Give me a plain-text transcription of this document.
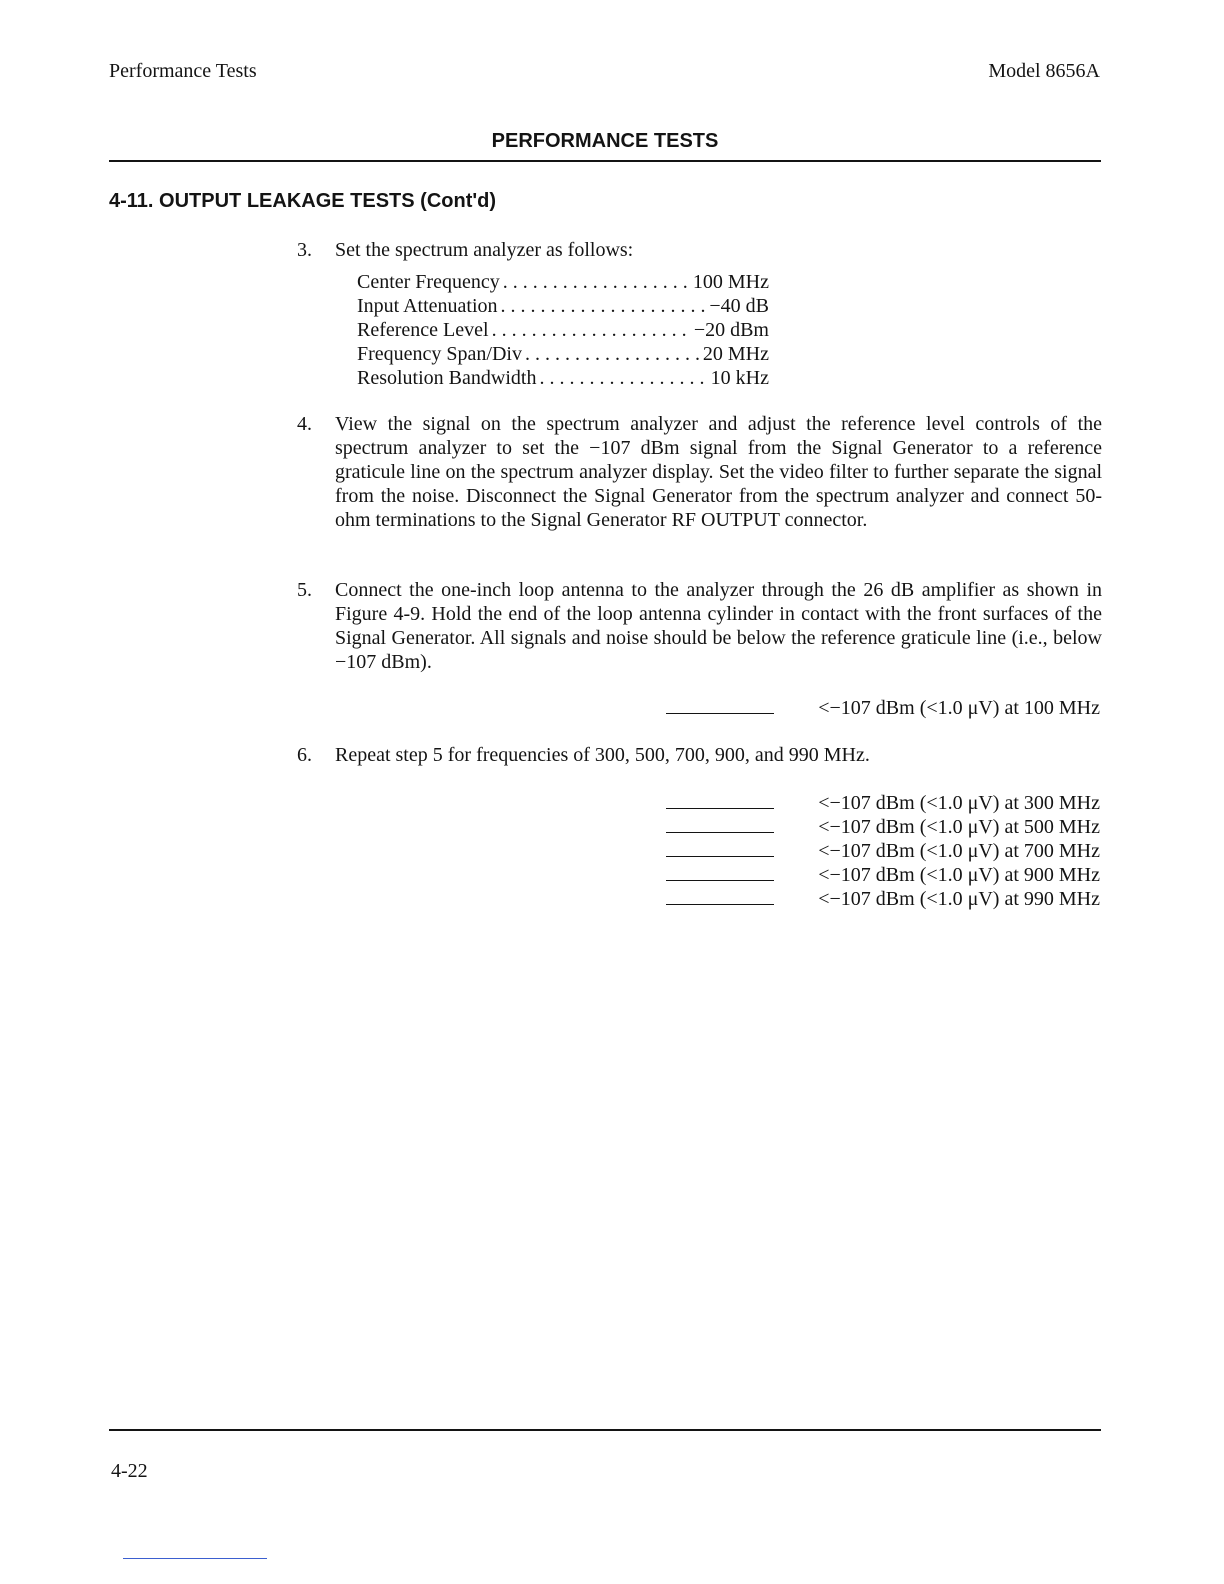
Performance Tests	Model 8656A
PERFORMANCE TESTS
4-11. OUTPUT LEAKAGE TESTS (Cont'd)
3. Set the spectrum analyzer as follows:
Center Frequency . . .	100 MHz
Input Attenuation . . .	−40 dB
Reference Level . . .	−20 dBm
Frequency Span/Div . . .	20 MHz
Resolution Bandwidth . . .	10 kHz
4. View the signal on the spectrum analyzer and adjust the reference level controls of the spectrum analyzer to set the −107 dBm signal from the Signal Generator to a reference graticule line on the spectrum analyzer display. Set the video filter to further separate the signal from the noise. Disconnect the Signal Generator from the spectrum analyzer and connect 50-ohm terminations to the Signal Generator RF OUTPUT connector.
5. Connect the one-inch loop antenna to the analyzer through the 26 dB amplifier as shown in Figure 4-9. Hold the end of the loop antenna cylinder in contact with the front surfaces of the Signal Generator. All signals and noise should be below the reference graticule line (i.e., below −107 dBm).
<−107 dBm (<1.0 μV) at 100 MHz
6. Repeat step 5 for frequencies of 300, 500, 700, 900, and 990 MHz.
<−107 dBm (<1.0 μV) at 300 MHz
<−107 dBm (<1.0 μV) at 500 MHz
<−107 dBm (<1.0 μV) at 700 MHz
<−107 dBm (<1.0 μV) at 900 MHz
<−107 dBm (<1.0 μV) at 990 MHz
4-22
